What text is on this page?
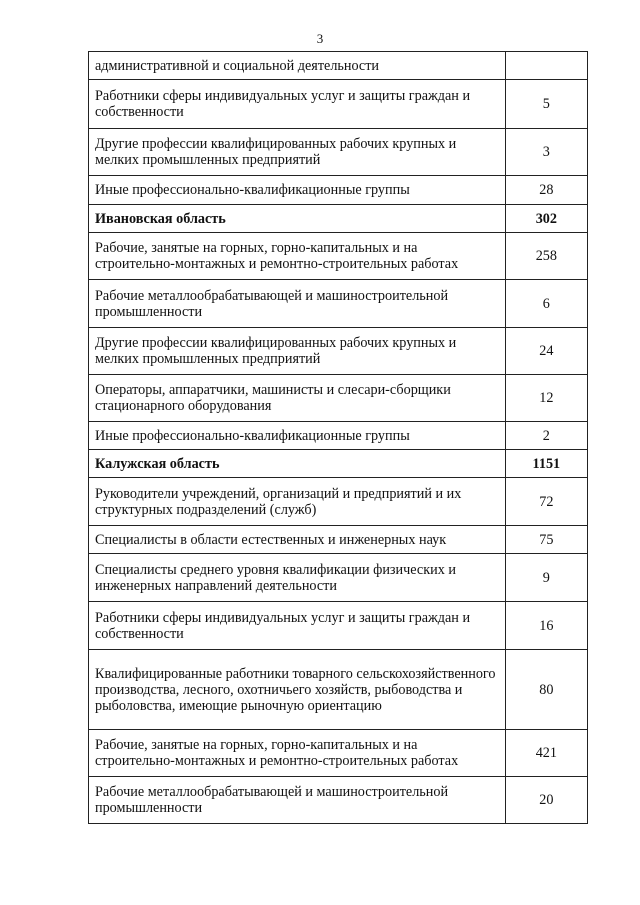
3
административной и социальной деятельности	
Работники сферы индивидуальных услуг и защиты граждан и собственности	5
Другие профессии квалифицированных рабочих крупных и мелких промышленных предприятий	3
Иные профессионально-квалификационные группы	28
Ивановская область	302
Рабочие, занятые на горных, горно-капитальных и на строительно-монтажных и ремонтно-строительных работах	258
Рабочие металлообрабатывающей и машиностроительной промышленности	6
Другие профессии квалифицированных рабочих крупных и мелких промышленных предприятий	24
Операторы, аппаратчики, машинисты и слесари-сборщики стационарного оборудования	12
Иные профессионально-квалификационные группы	2
Калужская область	1151
Руководители учреждений, организаций и предприятий и их структурных подразделений (служб)	72
Специалисты в области естественных и инженерных наук	75
Специалисты среднего уровня квалификации физических и инженерных направлений деятельности	9
Работники сферы индивидуальных услуг и защиты граждан и собственности	16
Квалифицированные работники товарного сельскохозяйственного производства, лесного, охотничьего хозяйств, рыбоводства и рыболовства, имеющие рыночную ориентацию	80
Рабочие, занятые на горных, горно-капитальных и на строительно-монтажных и ремонтно-строительных работах	421
Рабочие металлообрабатывающей и машиностроительной промышленности	20
